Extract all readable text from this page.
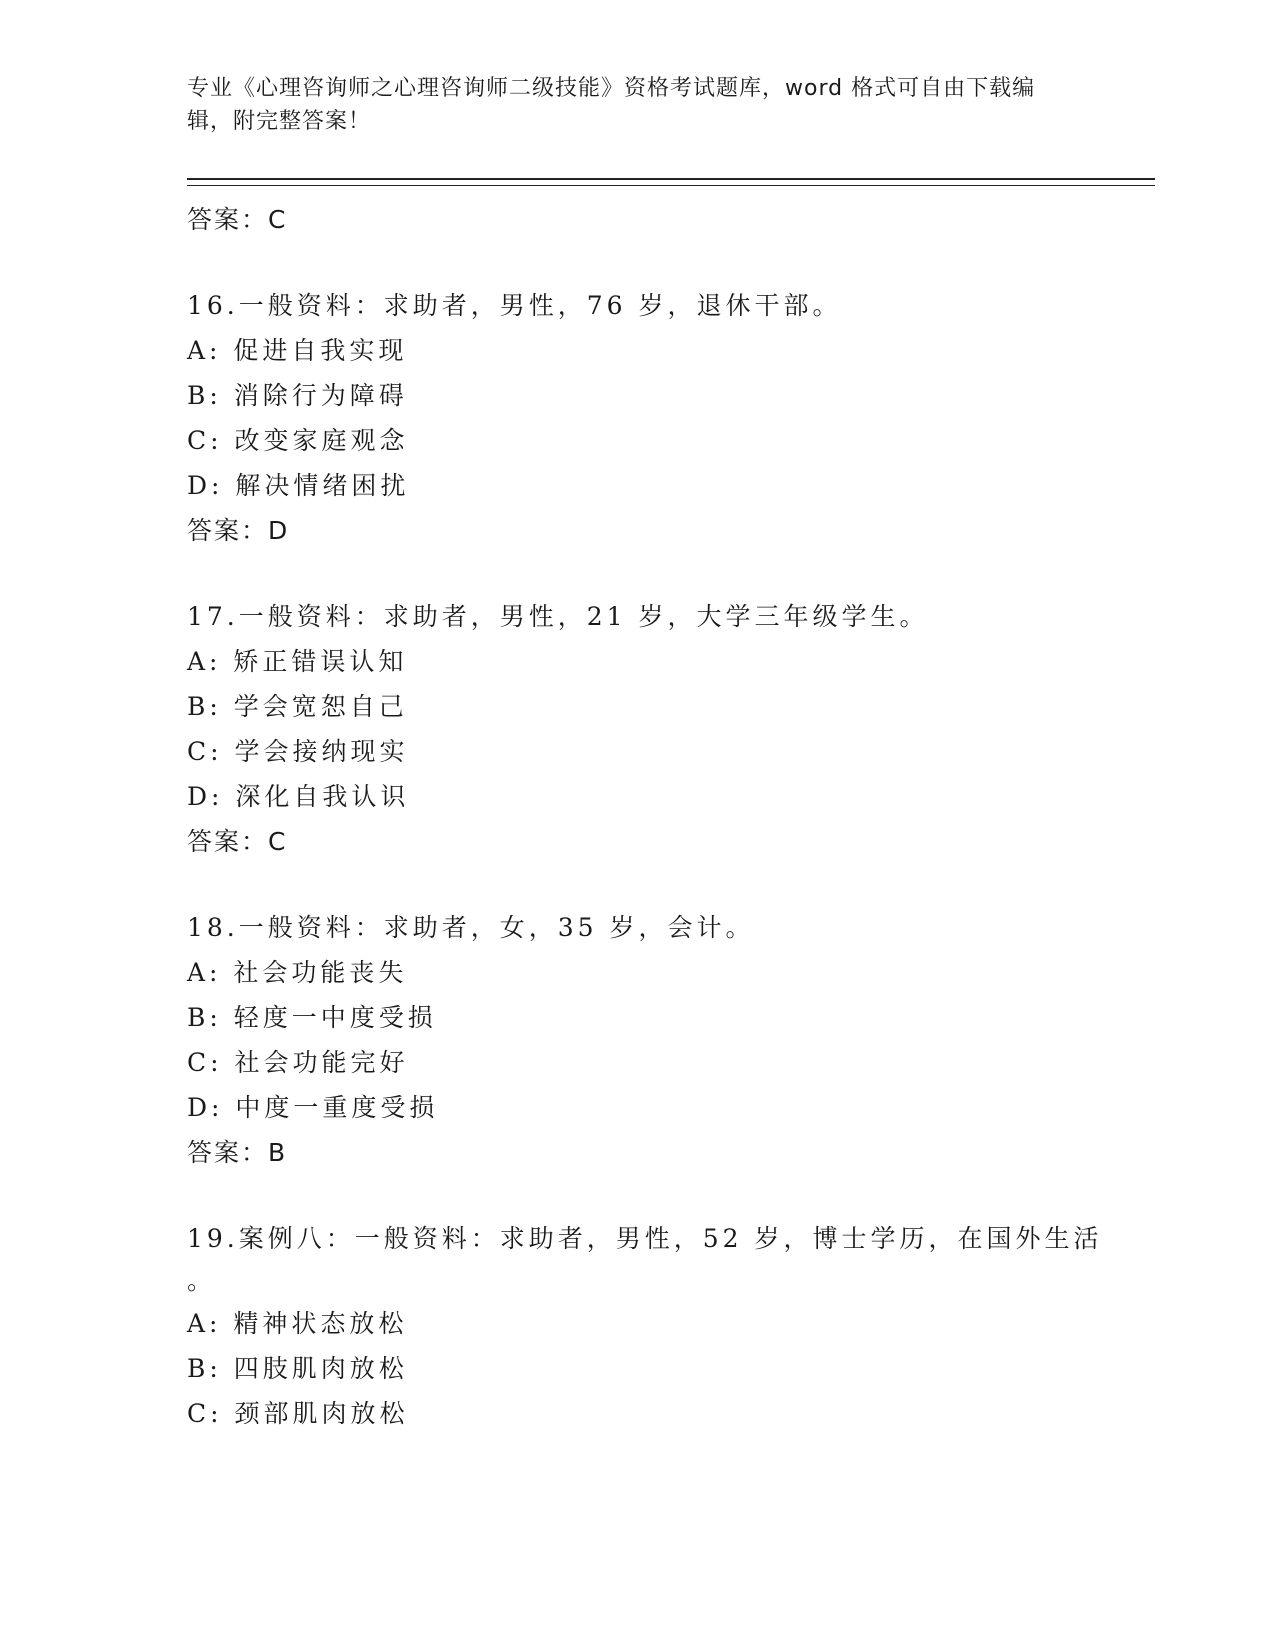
专业《心理咨询师之心理咨询师二级技能》资格考试题库，word 格式可自由下载编辑，附完整答案！

答案：C

16.一般资料：求助者，男性，76 岁，退休干部。

A: 促进自我实现

B: 消除行为障碍

C: 改变家庭观念

D: 解决情绪困扰

答案：D

17.一般资料：求助者，男性，21 岁，大学三年级学生。

A: 矫正错误认知

B: 学会宽恕自己

C: 学会接纳现实

D: 深化自我认识

答案：C

18.一般资料：求助者，女，35 岁，会计。

A: 社会功能丧失

B: 轻度一中度受损

C: 社会功能完好

D: 中度一重度受损

答案：B

19.案例八：一般资料：求助者，男性，52 岁，博士学历，在国外生活

。

A: 精神状态放松

B: 四肢肌肉放松

C: 颈部肌肉放松
